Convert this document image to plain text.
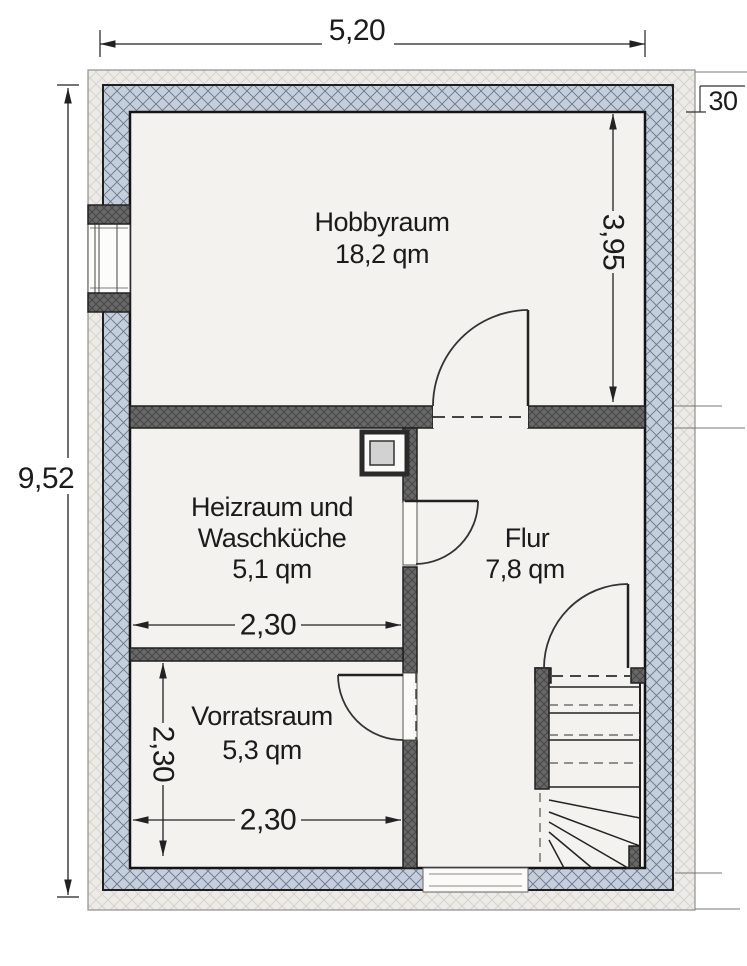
5,20
9,52
3,95
2,30
2,30
2,30
30
Hobbyraum
18,2 qm
Heizraum und
Waschküche
5,1 qm
Flur
7,8 qm
Vorratsraum
5,3 qm
